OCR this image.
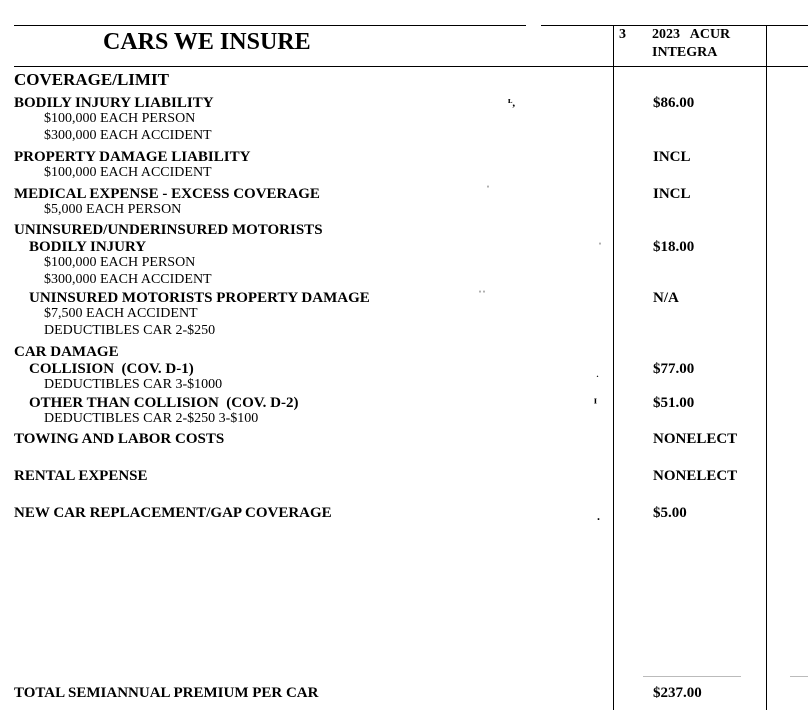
CARS WE INSURE	3 2023   ACUR
INTEGRA
COVERAGE/LIMIT
BODILY INJURY LIABILITY
$100,000 EACH PERSON
$300,000 EACH ACCIDENT
PROPERTY DAMAGE LIABILITY
$100,000 EACH ACCIDENT
MEDICAL EXPENSE - EXCESS COVERAGE
$5,000 EACH PERSON
UNINSURED/UNDERINSURED MOTORISTS
BODILY INJURY
$100,000 EACH PERSON
$300,000 EACH ACCIDENT
UNINSURED MOTORISTS PROPERTY DAMAGE
$7,500 EACH ACCIDENT
DEDUCTIBLES CAR 2-$250
CAR DAMAGE
COLLISION  (COV. D-1)
DEDUCTIBLES CAR 3-$1000
OTHER THAN COLLISION  (COV. D-2)
DEDUCTIBLES CAR 2-$250 3-$100
TOWING AND LABOR COSTS
RENTAL EXPENSE
NEW CAR REPLACEMENT/GAP COVERAGE
TOTAL SEMIANNUAL PREMIUM PER CAR
$86.00
INCL
INCL
$18.00
N/A
$77.00
$51.00
NONELECT
NONELECT
$5.00
$237.00
ᴸ,
ˈ
ˈ
ˈˈ
.
ᴵ
.
